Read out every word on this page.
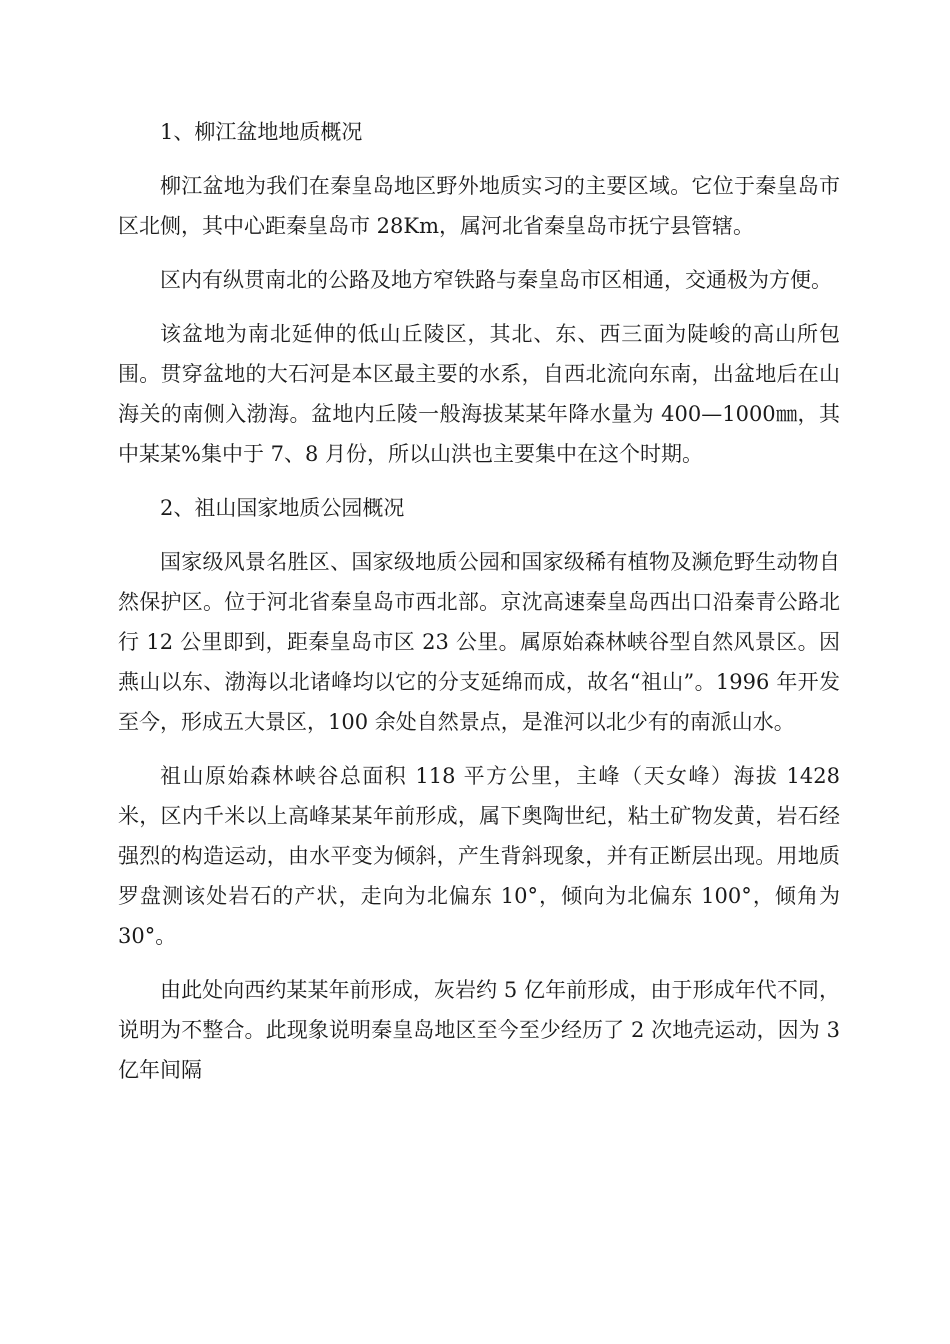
1、柳江盆地地质概况

柳江盆地为我们在秦皇岛地区野外地质实习的主要区域。它位于秦皇岛市区北侧，其中心距秦皇岛市 28Km，属河北省秦皇岛市抚宁县管辖。

区内有纵贯南北的公路及地方窄铁路与秦皇岛市区相通，交通极为方便。

该盆地为南北延伸的低山丘陵区，其北、东、西三面为陡峻的高山所包围。贯穿盆地的大石河是本区最主要的水系，自西北流向东南，出盆地后在山海关的南侧入渤海。盆地内丘陵一般海拔某某年降水量为 400—1000㎜，其中某某%集中于 7、8 月份，所以山洪也主要集中在这个时期。

2、祖山国家地质公园概况

国家级风景名胜区、国家级地质公园和国家级稀有植物及濒危野生动物自然保护区。位于河北省秦皇岛市西北部。京沈高速秦皇岛西出口沿秦青公路北行 12 公里即到，距秦皇岛市区 23 公里。属原始森林峡谷型自然风景区。因燕山以东、渤海以北诸峰均以它的分支延绵而成，故名“祖山”。1996 年开发至今，形成五大景区，100 余处自然景点，是淮河以北少有的南派山水。

祖山原始森林峡谷总面积 118 平方公里，主峰（天女峰）海拔 1428 米，区内千米以上高峰某某年前形成，属下奥陶世纪，粘土矿物发黄，岩石经强烈的构造运动，由水平变为倾斜，产生背斜现象，并有正断层出现。用地质罗盘测该处岩石的产状，走向为北偏东 10°，倾向为北偏东 100°，倾角为 30°。

由此处向西约某某年前形成，灰岩约 5 亿年前形成，由于形成年代不同，说明为不整合。此现象说明秦皇岛地区至今至少经历了 2 次地壳运动，因为 3 亿年间隔
